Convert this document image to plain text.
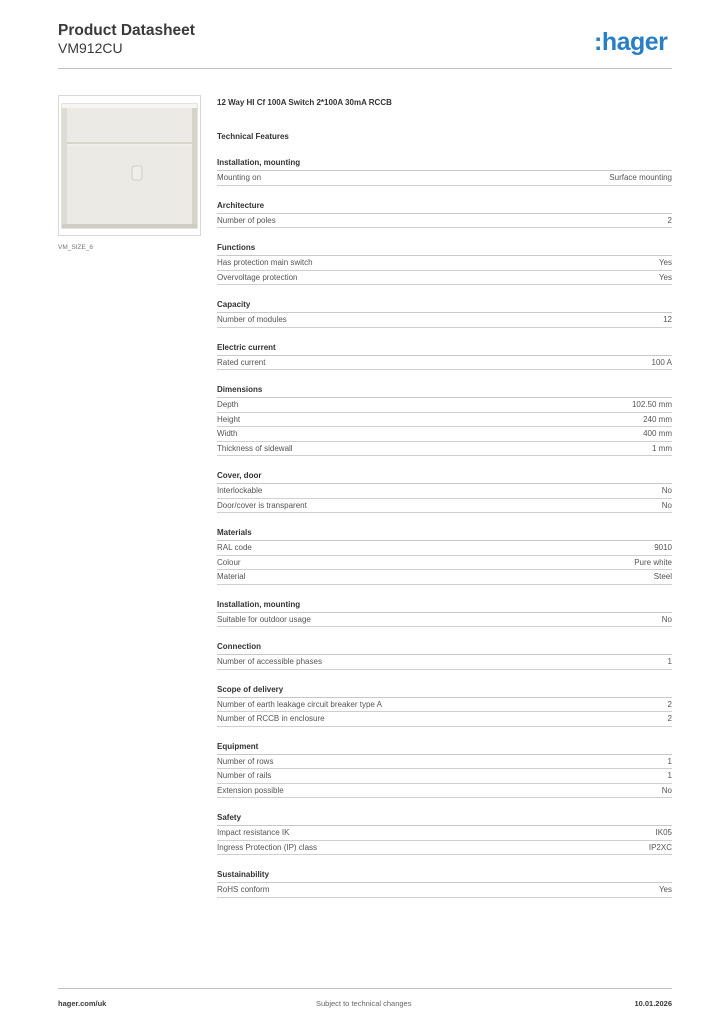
Product Datasheet
VM912CU	:hager
VM_SIZE_6
12 Way HI Cf 100A Switch 2*100A 30mA RCCB
Technical Features
Installation, mounting
Mounting on	Surface mounting
Architecture
Number of poles	2
Functions
Has protection main switch	Yes
Overvoltage protection	Yes
Capacity
Number of modules	12
Electric current
Rated current	100 A
Dimensions
Depth	102.50 mm
Height	240 mm
Width	400 mm
Thickness of sidewall	1 mm
Cover, door
Interlockable	No
Door/cover is transparent	No
Materials
RAL code	9010
Colour	Pure white
Material	Steel
Installation, mounting
Suitable for outdoor usage	No
Connection
Number of accessible phases	1
Scope of delivery
Number of earth leakage circuit breaker type A	2
Number of RCCB in enclosure	2
Equipment
Number of rows	1
Number of rails	1
Extension possible	No
Safety
Impact resistance IK	IK05
Ingress Protection (IP) class	IP2XC
Sustainability
RoHS conform	Yes
hager.com/uk	Subject to technical changes	10.01.2026
